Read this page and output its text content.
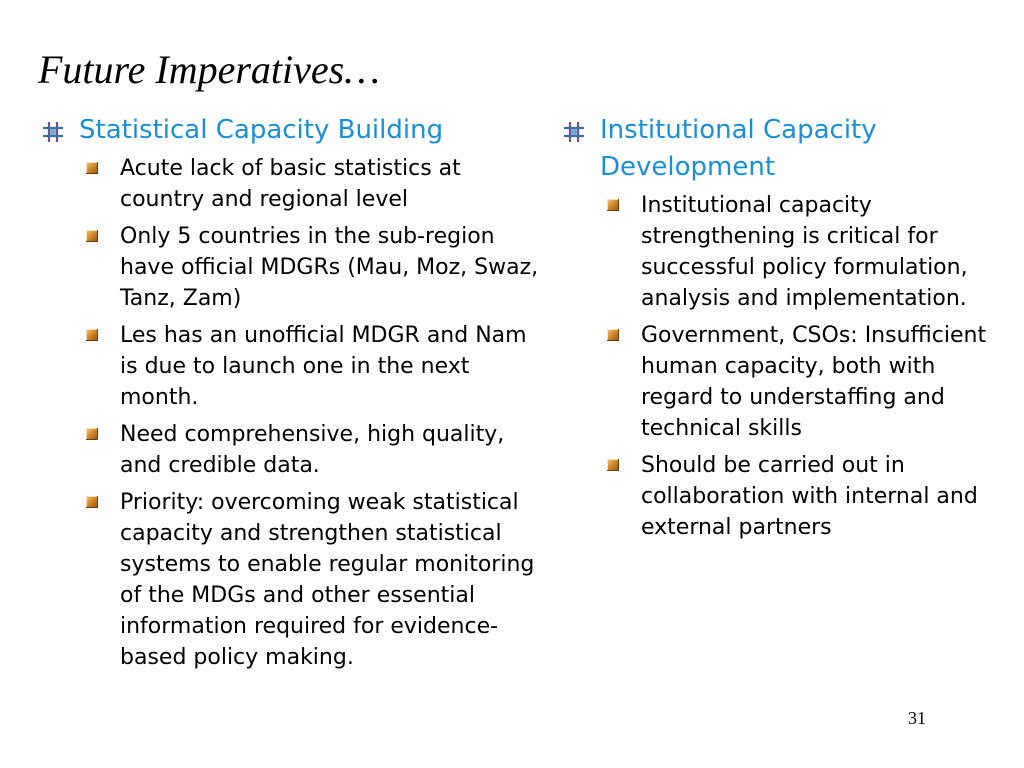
Future Imperatives…
Statistical Capacity Building
Acute lack of basic statistics at country and regional level
Only 5 countries in the sub-region have official MDGRs (Mau, Moz, Swaz, Tanz, Zam)
Les has an unofficial MDGR and Nam is due to launch one in the next month.
Need comprehensive, high quality, and credible data.
Priority: overcoming weak statistical capacity and strengthen statistical systems to enable regular monitoring of the MDGs and other essential information required for evidence-based policy making.
Institutional Capacity Development
Institutional capacity strengthening is critical for successful policy formulation, analysis and implementation.
Government, CSOs: Insufficient human capacity, both with regard to understaffing and technical skills
Should be carried out in collaboration with internal and external partners
31
